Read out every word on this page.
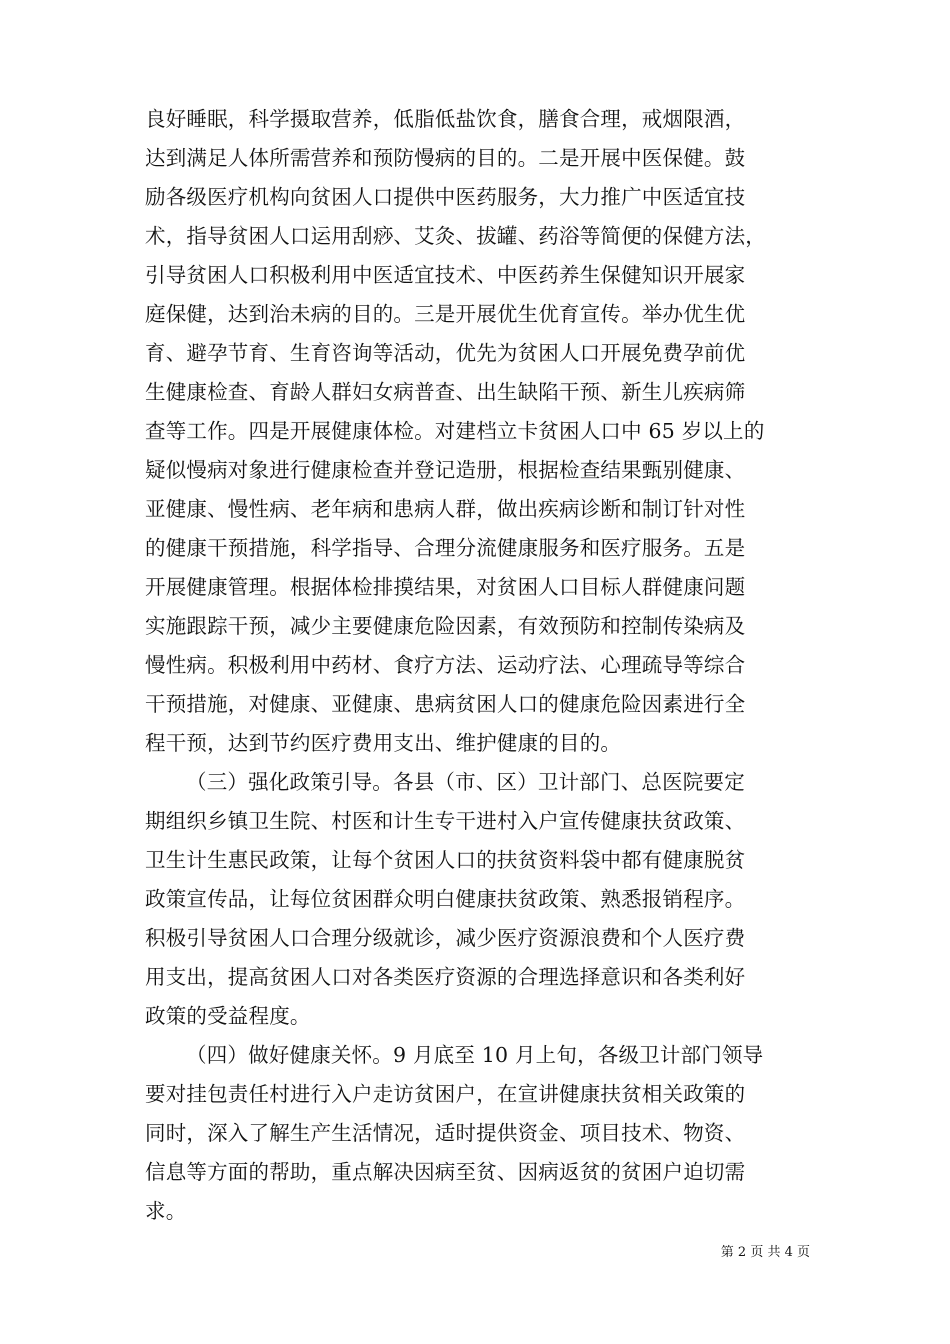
良好睡眠，科学摄取营养，低脂低盐饮食，膳食合理，戒烟限酒，
达到满足人体所需营养和预防慢病的目的。二是开展中医保健。鼓
励各级医疗机构向贫困人口提供中医药服务，大力推广中医适宜技
术，指导贫困人口运用刮痧、艾灸、拔罐、药浴等简便的保健方法，
引导贫困人口积极利用中医适宜技术、中医药养生保健知识开展家
庭保健，达到治未病的目的。三是开展优生优育宣传。举办优生优
育、避孕节育、生育咨询等活动，优先为贫困人口开展免费孕前优
生健康检查、育龄人群妇女病普查、出生缺陷干预、新生儿疾病筛
查等工作。四是开展健康体检。对建档立卡贫困人口中 65 岁以上的
疑似慢病对象进行健康检查并登记造册，根据检查结果甄别健康、
亚健康、慢性病、老年病和患病人群，做出疾病诊断和制订针对性
的健康干预措施，科学指导、合理分流健康服务和医疗服务。五是
开展健康管理。根据体检排摸结果，对贫困人口目标人群健康问题
实施跟踪干预，减少主要健康危险因素，有效预防和控制传染病及
慢性病。积极利用中药材、食疗方法、运动疗法、心理疏导等综合
干预措施，对健康、亚健康、患病贫困人口的健康危险因素进行全
程干预，达到节约医疗费用支出、维护健康的目的。
（三）强化政策引导。各县（市、区）卫计部门、总医院要定
期组织乡镇卫生院、村医和计生专干进村入户宣传健康扶贫政策、
卫生计生惠民政策，让每个贫困人口的扶贫资料袋中都有健康脱贫
政策宣传品，让每位贫困群众明白健康扶贫政策、熟悉报销程序。
积极引导贫困人口合理分级就诊，减少医疗资源浪费和个人医疗费
用支出，提高贫困人口对各类医疗资源的合理选择意识和各类利好
政策的受益程度。
（四）做好健康关怀。9 月底至 10 月上旬，各级卫计部门领导
要对挂包责任村进行入户走访贫困户，在宣讲健康扶贫相关政策的
同时，深入了解生产生活情况，适时提供资金、项目技术、物资、
信息等方面的帮助，重点解决因病至贫、因病返贫的贫困户迫切需
求。
第 2 页 共 4 页
